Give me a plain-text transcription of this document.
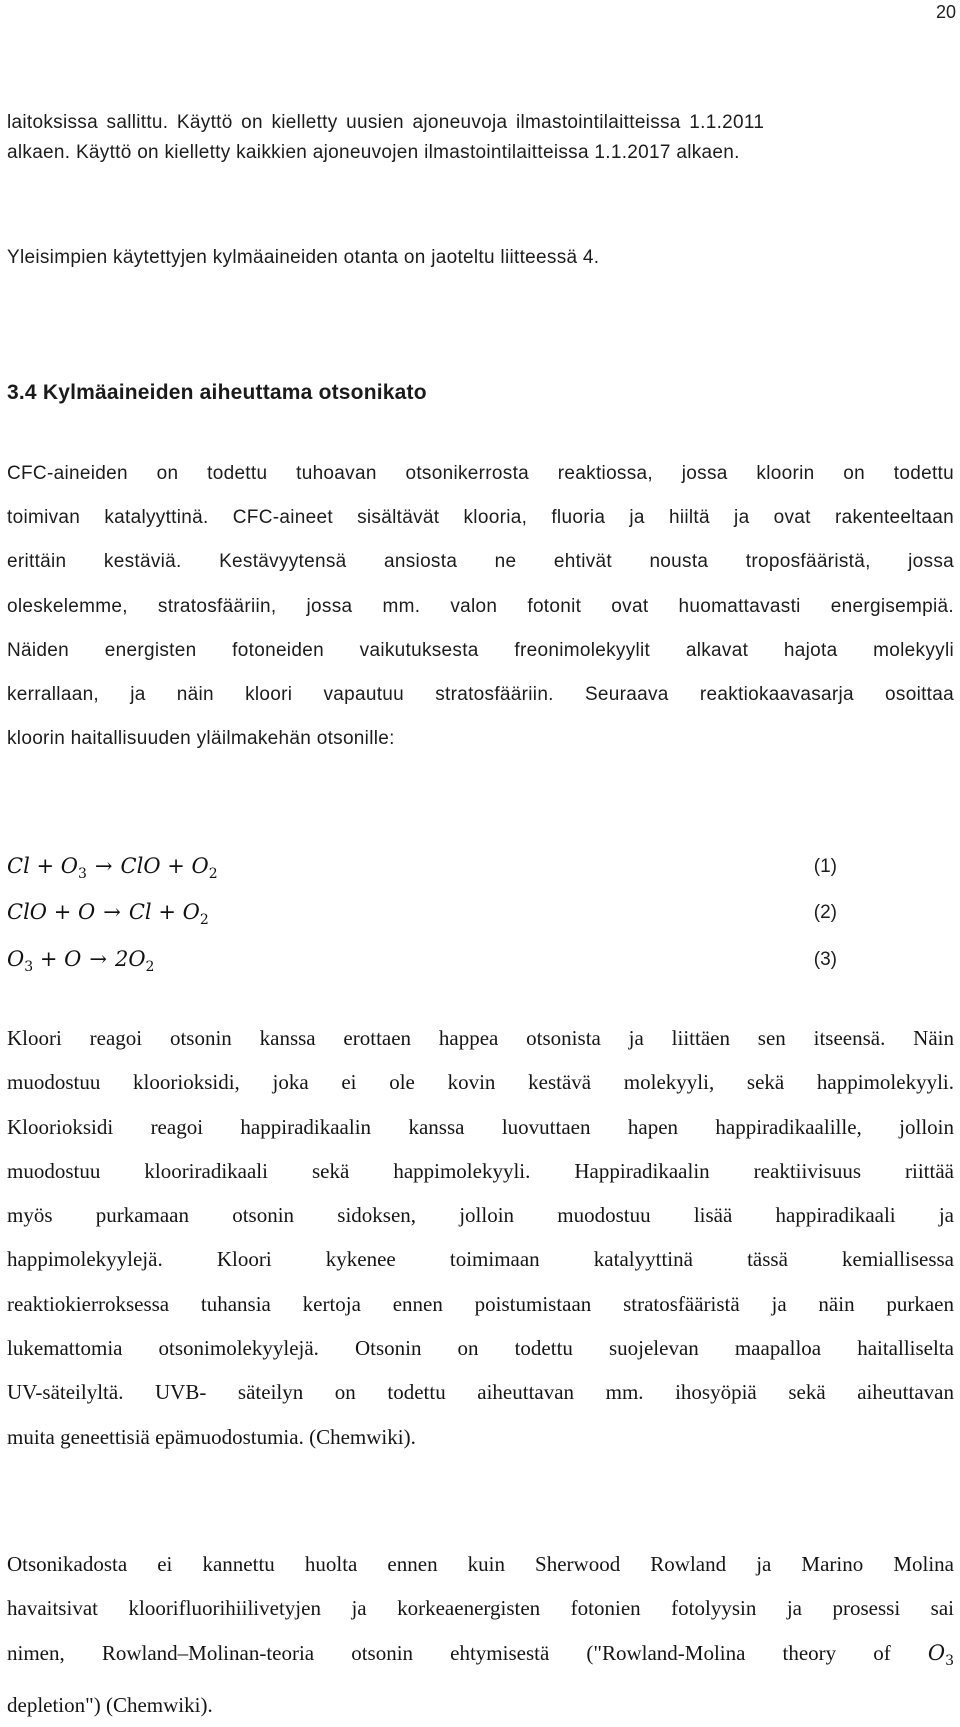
20
laitoksissa sallittu. Käyttö on kielletty uusien ajoneuvoja ilmastointilaitteissa 1.1.2011
alkaen. Käyttö on kielletty kaikkien ajoneuvojen ilmastointilaitteissa 1.1.2017 alkaen.
Yleisimpien käytettyjen kylmäaineiden otanta on jaoteltu liitteessä 4.
3.4 Kylmäaineiden aiheuttama otsonikato
CFC-aineiden on todettu tuhoavan otsonikerrosta reaktiossa, jossa kloorin on todettu
toimivan katalyyttinä. CFC-aineet sisältävät klooria, fluoria ja hiiltä ja ovat rakenteeltaan
erittäin kestäviä. Kestävyytensä ansiosta ne ehtivät nousta troposfääristä, jossa
oleskelemme, stratosfääriin, jossa mm. valon fotonit ovat huomattavasti energisempiä.
Näiden energisten fotoneiden vaikutuksesta freonimolekyylit alkavat hajota molekyyli
kerrallaan, ja näin kloori vapautuu stratosfääriin. Seuraava reaktiokaavasarja osoittaa
kloorin haitallisuuden yläilmakehän otsonille:
$Cl + O_3$ → ClO + $O_2$	(1)
ClO + $O \to Cl + O_2$	(2)
$O_3 + O \to 2O_2$	(3)
Kloori reagoi otsonin kanssa erottaen happea otsonista ja liittäen sen itseensä. Näin
muodostuu kloorioksidi, joka ei ole kovin kestävä molekyyli, sekä happimolekyyli.
Kloorioksidi reagoi happiradikaalin kanssa luovuttaen hapen happiradikaalille, jolloin
muodostuu klooriradikaali sekä happimolekyyli. Happiradikaalin reaktiivisuus riittää
myös purkamaan otsonin sidoksen, jolloin muodostuu lisää happiradikaali ja
happimolekyylejä. Kloori kykenee toimimaan katalyyttinä tässä kemiallisessa
reaktiokierroksessa tuhansia kertoja ennen poistumistaan stratosfääristä ja näin purkaen
lukemattomia otsonimolekyylejä. Otsonin on todettu suojelevan maapalloa haitalliselta
UV-säteilyltä. UVB- säteilyn on todettu aiheuttavan mm. ihosyöpiä sekä aiheuttavan
muita geneettisiä epämuodostumia. (Chemwiki).
Otsonikadosta ei kannettu huolta ennen kuin Sherwood Rowland ja Marino Molina
havaitsivat kloorifluorihiilivetyjen ja korkeaenergisten fotonien fotolyysin ja prosessi sai
nimen, Rowland–Molinan-teoria otsonin ehtymisestä ("Rowland-Molina theory of $O_3$
depletion") (Chemwiki).
